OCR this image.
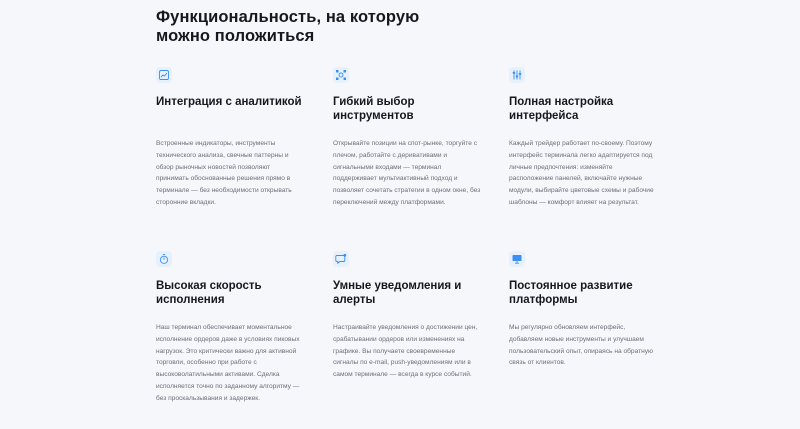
Функциональность, на которую можно положиться
Интеграция с аналитикой
Встроенные индикаторы, инструменты технического анализа, свечные паттерны и обзор рыночных новостей позволяют принимать обоснованные решения прямо в терминале — без необходимости открывать сторонние вкладки.
Гибкий выбор инструментов
Открывайте позиции на спот-рынке, торгуйте с плечом, работайте с деривативами и сигнальными входами — терминал поддерживает мультиактивный подход и позволяет сочетать стратегии в одном окне, без переключений между платформами.
Полная настройка интерфейса
Каждый трейдер работает по-своему. Поэтому интерфейс терминала легко адаптируется под личные предпочтения: изменяйте расположение панелей, включайте нужные модули, выбирайте цветовые схемы и рабочие шаблоны — комфорт влияет на результат.
Высокая скорость исполнения
Наш терминал обеспечивает моментальное исполнение ордеров даже в условиях пиковых нагрузок. Это критически важно для активной торговли, особенно при работе с высоковолатильными активами. Сделка исполняется точно по заданному алгоритму — без проскальзывания и задержек.
Умные уведомления и алерты
Настраивайте уведомления о достижении цен, срабатывании ордеров или изменениях на графике. Вы получаете своевременные сигналы по e-mail, push-уведомлениям или в самом терминале — всегда в курсе событий.
Постоянное развитие платформы
Мы регулярно обновляем интерфейс, добавляем новые инструменты и улучшаем пользовательский опыт, опираясь на обратную связь от клиентов.
